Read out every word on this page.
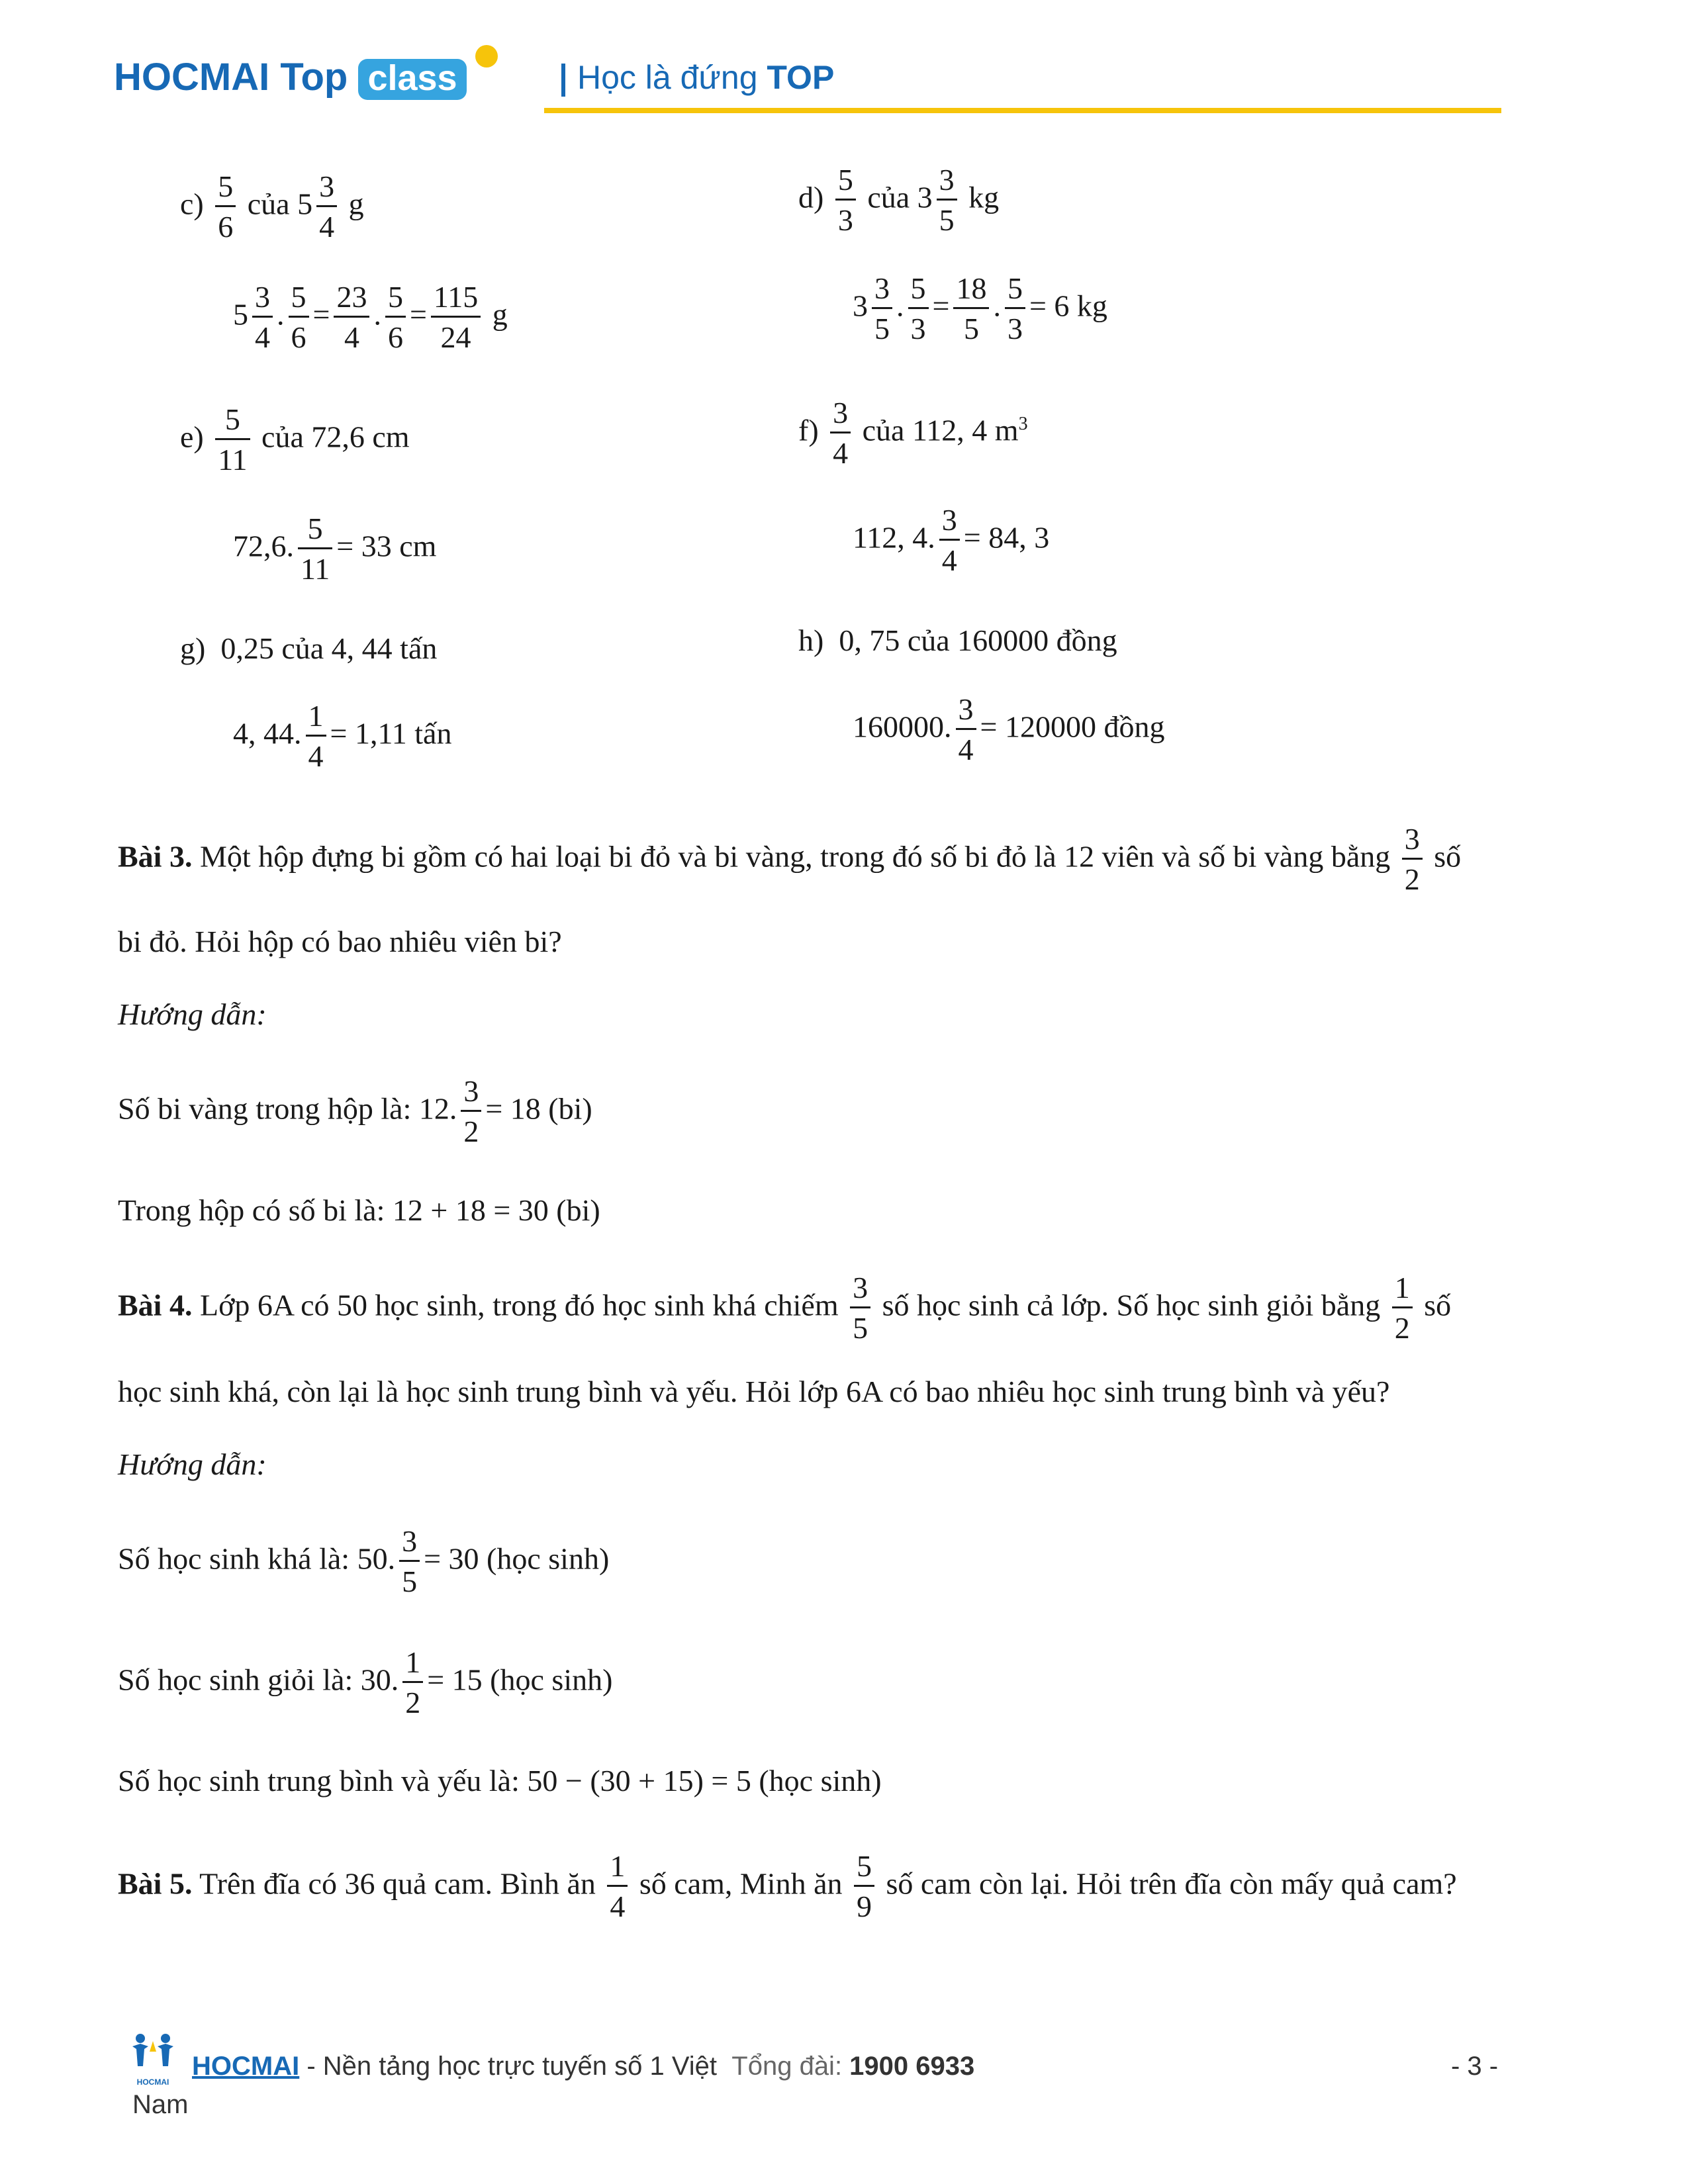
HOCMAI Top class	Học là đứng TOP
$c) \frac{5}{6}$ của $5 \frac{3}{4}$ g
$5 \frac{3}{4}$ . $\frac{5}{6} = \frac{23}{4}$ . $\frac{5}{6} = \frac{115}{24}$ g
$d) \frac{5}{3}$ của $3 \frac{3}{5}$ kg
$3 \frac{3}{5}$ . $\frac{5}{3} = \frac{18}{5}$ . $\frac{5}{3} = 6$ kg
$e) \frac{5}{11}$ của 72,6 cm
72,6. $\frac{5}{11} = 33$ cm
$f) \frac{3}{4}$ của 112, 4 $m^3$
112, 4. $\frac{3}{4} = 84$, 3
g) 0,25 của 4, 44 tấn
4, 44. $\frac{1}{4} = 1,11$ tấn
h) 0, 75 của 160000 đồng
160000. $\frac{3}{4} = 120000$ đồng
Bài 3. Một hộp đựng bi gồm có hai loại bi đỏ và bi vàng, trong đó số bi đỏ là 12 viên và số bi vàng bằng $\frac{3}{2}$ số
bi đỏ. Hỏi hộp có bao nhiêu viên bi?
Hướng dẫn:
Số bi vàng trong hộp là: 12. $\frac{3}{2} = 18$ (bi)
Trong hộp có số bi là: 12 + 18 = 30 (bi)
Bài 4. Lớp 6A có 50 học sinh, trong đó học sinh khá chiếm $\frac{3}{5}$ số học sinh cả lớp. Số học sinh giỏi bằng $\frac{1}{2}$ số
học sinh khá, còn lại là học sinh trung bình và yếu. Hỏi lớp 6A có bao nhiêu học sinh trung bình và yếu?
Hướng dẫn:
Số học sinh khá là: 50. $\frac{3}{5} = 30$ (học sinh)
Số học sinh giỏi là: 30. $\frac{1}{2} = 15$ (học sinh)
Số học sinh trung bình và yếu là: 50 − (30 + 15) = 5 (học sinh)
Bài 5. Trên đĩa có 36 quả cam. Bình ăn $\frac{1}{4}$ số cam, Minh ăn $\frac{5}{9}$ số cam còn lại. Hỏi trên đĩa còn mấy quả cam?
HOCMAI
HOCMAI - Nền tảng học trực tuyến số 1 Việt Tổng đài: 1900 6933
Nam
- 3 -
